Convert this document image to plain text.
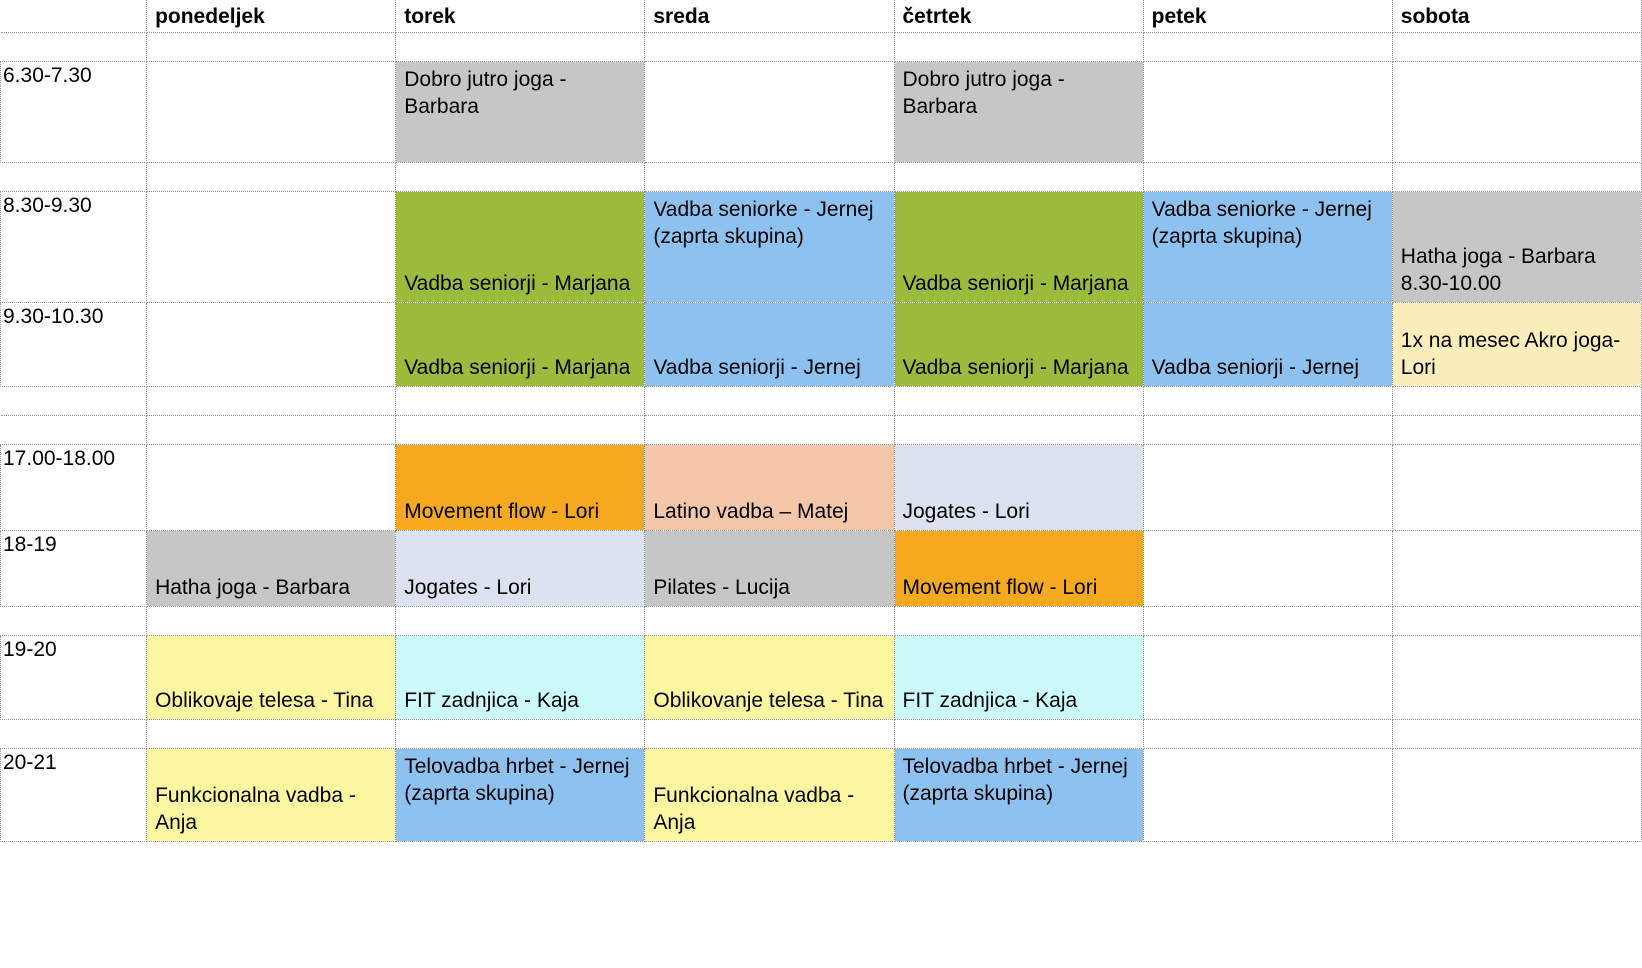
	ponedeljek	torek	sreda	četrtek	petek	sobota

6.30-7.30		Dobro jutro joga - Barbara		Dobro jutro joga - Barbara		

8.30-9.30		Vadba seniorji - Marjana	Vadba seniorke - Jernej (zaprta skupina)	Vadba seniorji - Marjana	Vadba seniorke - Jernej (zaprta skupina)	Hatha joga - Barbara 8.30-10.00

9.30-10.30		Vadba seniorji - Marjana	Vadba seniorji - Jernej	Vadba seniorji - Marjana	Vadba seniorji - Jernej	1x na mesec Akro joga-Lori

17.00-18.00		Movement flow - Lori	Latino vadba – Matej	Jogates - Lori		

18-19	Hatha joga - Barbara	Jogates - Lori	Pilates - Lucija	Movement flow - Lori		

19-20	Oblikovaje telesa - Tina	FIT zadnjica - Kaja	Oblikovanje telesa - Tina	FIT zadnjica - Kaja		

20-21	Funkcionalna vadba - Anja	Telovadba hrbet - Jernej (zaprta skupina)	Funkcionalna vadba - Anja	Telovadba hrbet - Jernej (zaprta skupina)		
